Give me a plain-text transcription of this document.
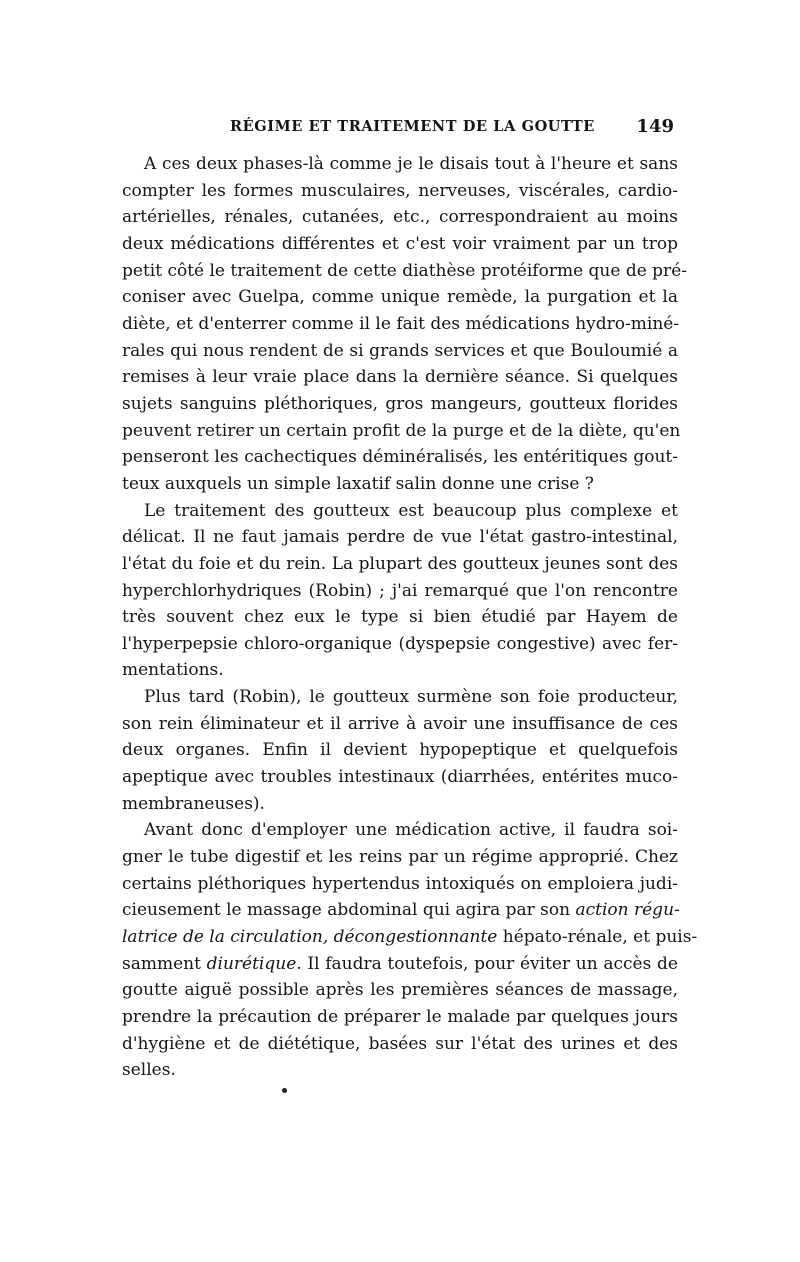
RÉGIME ET TRAITEMENT DE LA GOUTTE 149

A ces deux phases-là comme je le disais tout à l'heure et sans
compter les formes musculaires, nerveuses, viscérales, cardio-
artérielles, rénales, cutanées, etc., correspondraient au moins
deux médications différentes et c'est voir vraiment par un trop
petit côté le traitement de cette diathèse protéiforme que de pré-
coniser avec Guelpa, comme unique remède, la purgation et la
diète, et d'enterrer comme il le fait des médications hydro-miné-
rales qui nous rendent de si grands services et que Bouloumié a
remises à leur vraie place dans la dernière séance. Si quelques
sujets sanguins pléthoriques, gros mangeurs, goutteux florides
peuvent retirer un certain profit de la purge et de la diète, qu'en
penseront les cachectiques déminéralisés, les entéritiques gout-
teux auxquels un simple laxatif salin donne une crise ?

Le traitement des goutteux est beaucoup plus complexe et
délicat. Il ne faut jamais perdre de vue l'état gastro-intestinal,
l'état du foie et du rein. La plupart des goutteux jeunes sont des
hyperchlorhydriques (Robin) ; j'ai remarqué que l'on rencontre
très souvent chez eux le type si bien étudié par Hayem de
l'hyperpepsie chloro-organique (dyspepsie congestive) avec fer-
mentations.

Plus tard (Robin), le goutteux surmène son foie producteur,
son rein éliminateur et il arrive à avoir une insuffisance de ces
deux organes. Enfin il devient hypopeptique et quelquefois
apeptique avec troubles intestinaux (diarrhées, entérites muco-
membraneuses).

Avant donc d'employer une médication active, il faudra soi-
gner le tube digestif et les reins par un régime approprié. Chez
certains pléthoriques hypertendus intoxiqués on emploiera judi-
cieusement le massage abdominal qui agira par son action régu-
latrice de la circulation, décongestionnante hépato-rénale, et puis-
samment diurétique. Il faudra toutefois, pour éviter un accès de
goutte aiguë possible après les premières séances de massage,
prendre la précaution de préparer le malade par quelques jours
d'hygiène et de diététique, basées sur l'état des urines et des
selles.
